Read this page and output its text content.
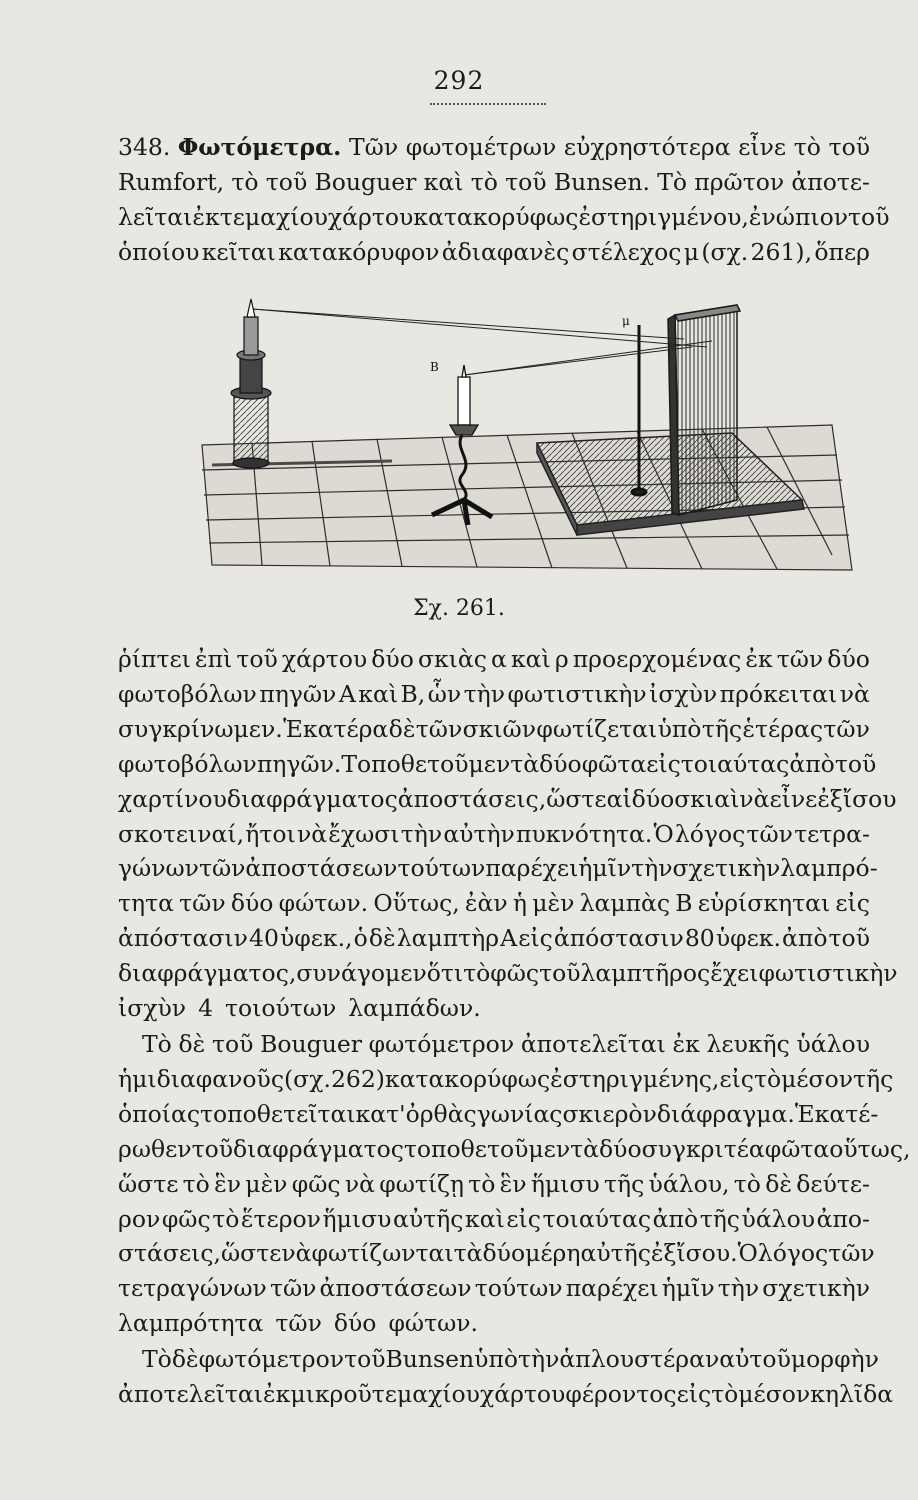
292
348. Φωτόμετρα. Τῶν φωτομέτρων εὐχρηστότερα εἶνε τὸ τοῦ
Rumfort, τὸ τοῦ Bouguer καὶ τὸ τοῦ Bunsen. Τὸ πρῶτον ἀποτε-
λεῖται ἐκ τεμαχίου χάρτου κατακορύφως ἐστηριγμένου, ἐνώπιον τοῦ
ὁποίου κεῖται κατακόρυφον ἀδιαφανὲς στέλεχος μ (σχ. 261), ὅπερ
μ
B
Σχ. 261.
ῥίπτει ἐπὶ τοῦ χάρτου δύο σκιὰς α καὶ ρ προερχομένας ἐκ τῶν δύο
φωτοβόλων πηγῶν Α καὶ Β, ὧν τὴν φωτιστικὴν ἰσχὺν πρόκειται νὰ
συγκρίνωμεν. Ἑκατέρα δὲ τῶν σκιῶν φωτίζεται ὑπὸ τῆς ἑτέρας τῶν
φωτοβόλων πηγῶν. Τοποθετοῦμεν τὰ δύο φῶτα εἰς τοιαύτας ἀπὸ τοῦ
χαρτίνου διαφράγματος ἀποστάσεις, ὥστε αἱ δύο σκιαὶ νὰ εἶνε ἐξ ἴσου
σκοτειναί, ἤτοι νὰ ἔχωσι τὴν αὐτὴν πυκνότητα. Ὁ λόγος τῶν τετρα-
γώνων τῶν ἀποστάσεων τούτων παρέχει ἡμῖν τὴν σχετικὴν λαμπρό-
τητα τῶν δύο φώτων. Οὕτως, ἐὰν ἡ μὲν λαμπὰς Β εὑρίσκηται εἰς
ἀπόστασιν 40 ὑφεκ., ὁ δὲ λαμπτὴρ Α εἰς ἀπόστασιν 80 ὑφεκ. ἀπὸ τοῦ
διαφράγματος, συνάγομεν ὅτι τὸ φῶς τοῦ λαμπτῆρος ἔχει φωτιστικὴν
ἰσχὺν 4 τοιούτων λαμπάδων.
Τὸ δὲ τοῦ Bouguer φωτόμετρον ἀποτελεῖται ἐκ λευκῆς ὑάλου
ἡμιδιαφανοῦς (σχ. 262) κατακορύφως ἐστηριγμένης, εἰς τὸ μέσον τῆς
ὁποίας τοποθετεῖται κατ' ὀρθὰς γωνίας σκιερὸν διάφραγμα. Ἑκατέ-
ρωθεν τοῦ διαφράγματος τοποθετοῦμεν τὰ δύο συγκριτέα φῶτα οὕτως,
ὥστε τὸ ἓν μὲν φῶς νὰ φωτίζῃ τὸ ἓν ἥμισυ τῆς ὑάλου, τὸ δὲ δεύτε-
ρον φῶς τὸ ἕτερον ἥμισυ αὐτῆς καὶ εἰς τοιαύτας ἀπὸ τῆς ὑάλου ἀπο-
στάσεις, ὥστε νὰ φωτίζωνται τὰ δύο μέρη αὐτῆς ἐξ ἴσου. Ὁ λόγος τῶν
τετραγώνων τῶν ἀποστάσεων τούτων παρέχει ἡμῖν τὴν σχετικὴν
λαμπρότητα τῶν δύο φώτων.
Τὸ δὲ φωτόμετρον τοῦ Bunsen ὑπὸ τὴν ἁπλουστέραν αὐτοῦ μορφὴν
ἀποτελεῖται ἐκ μικροῦ τεμαχίου χάρτου φέροντος εἰς τὸ μέσον κηλῖδα
